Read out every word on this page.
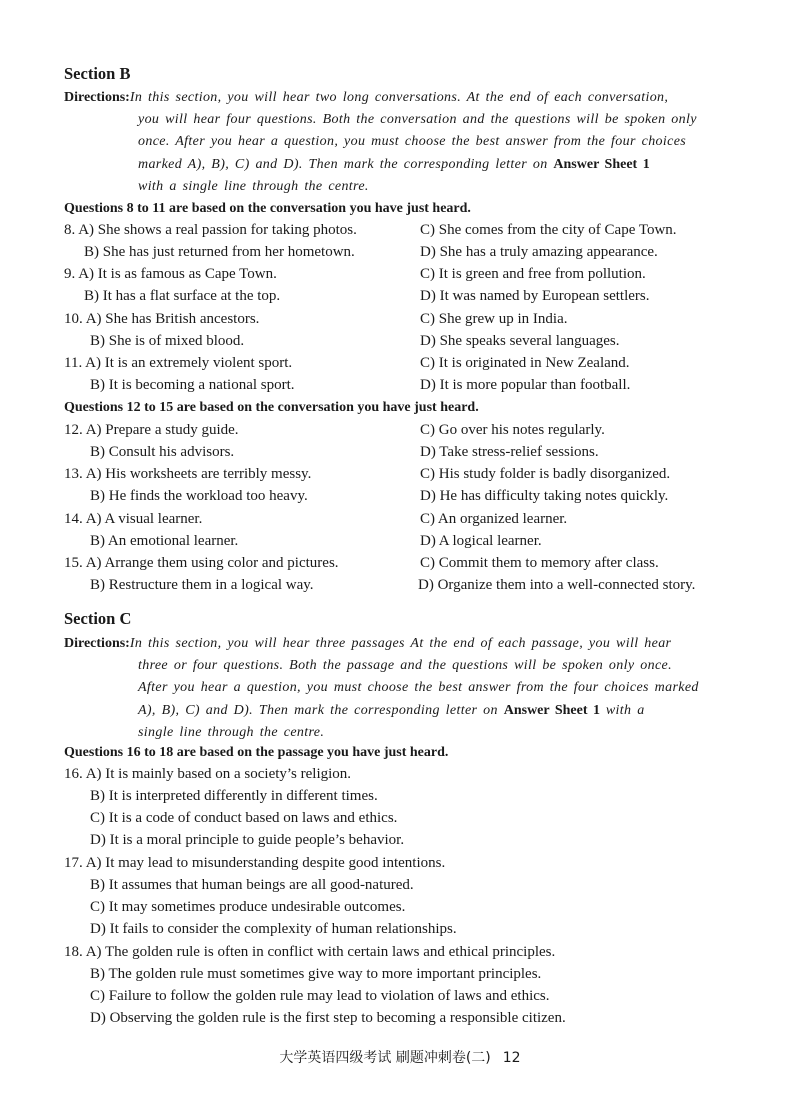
Section B
Directions:In this section, you will hear two long conversations. At the end of each conversation,
you will hear four questions. Both the conversation and the questions will be spoken only
once. After you hear a question, you must choose the best answer from the four choices
marked A), B), C) and D). Then mark the corresponding letter on Answer Sheet 1
with a single line through the centre.
Questions 8 to 11 are based on the conversation you have just heard.
8. A) She shows a real passion for taking photos.	C) She comes from the city of Cape Town.
B) She has just returned from her hometown.	D) She has a truly amazing appearance.
9. A) It is as famous as Cape Town.	C) It is green and free from pollution.
B) It has a flat surface at the top.	D) It was named by European settlers.
10. A) She has British ancestors.	C) She grew up in India.
B) She is of mixed blood.	D) She speaks several languages.
11. A) It is an extremely violent sport.	C) It is originated in New Zealand.
B) It is becoming a national sport.	D) It is more popular than football.
Questions 12 to 15 are based on the conversation you have just heard.
12. A) Prepare a study guide.	C) Go over his notes regularly.
B) Consult his advisors.	D) Take stress-relief sessions.
13. A) His worksheets are terribly messy.	C) His study folder is badly disorganized.
B) He finds the workload too heavy.	D) He has difficulty taking notes quickly.
14. A) A visual learner.	C) An organized learner.
B) An emotional learner.	D) A logical learner.
15. A) Arrange them using color and pictures.	C) Commit them to memory after class.
B) Restructure them in a logical way.	D) Organize them into a well-connected story.
Section C
Directions:In this section, you will hear three passages At the end of each passage, you will hear
three or four questions. Both the passage and the questions will be spoken only once.
After you hear a question, you must choose the best answer from the four choices marked
A), B), C) and D). Then mark the corresponding letter on Answer Sheet 1 with a
single line through the centre.
Questions 16 to 18 are based on the passage you have just heard.
16. A) It is mainly based on a society’s religion.
B) It is interpreted differently in different times.
C) It is a code of conduct based on laws and ethics.
D) It is a moral principle to guide people’s behavior.
17. A) It may lead to misunderstanding despite good intentions.
B) It assumes that human beings are all good-natured.
C) It may sometimes produce undesirable outcomes.
D) It fails to consider the complexity of human relationships.
18. A) The golden rule is often in conflict with certain laws and ethical principles.
B) The golden rule must sometimes give way to more important principles.
C) Failure to follow the golden rule may lead to violation of laws and ethics.
D) Observing the golden rule is the first step to becoming a responsible citizen.
大学英语四级考试 刷题冲刺卷(二) 12
